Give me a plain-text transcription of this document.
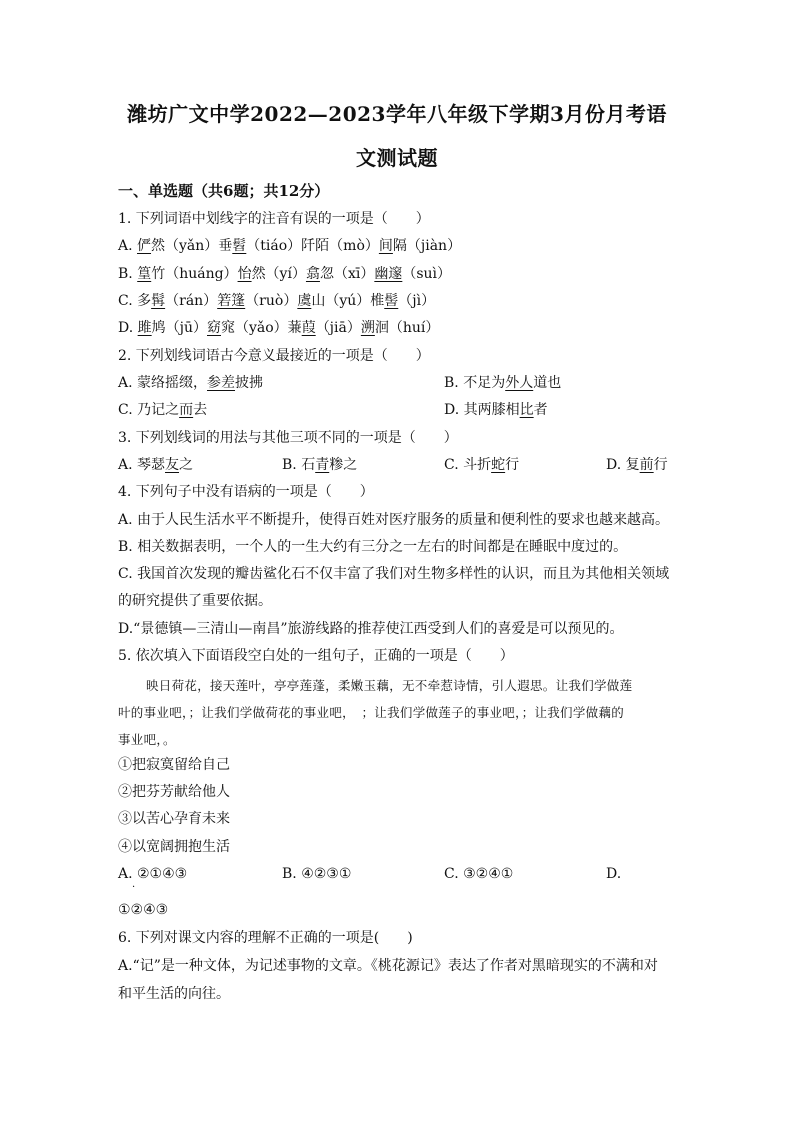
潍坊广文中学2022—2023学年八年级下学期3月份月考语
文测试题
一、单选题（共6题；共12分）
1. 下列词语中划线字的注音有误的一项是（　　）
A. 俨然（yǎn）垂髫（tiáo）阡陌（mò）间隔（jiàn）
B. 篁竹（huáng）怡然（yí）翕忽（xī）幽邃（suì）
C. 多髯（rán）箬篷（ruò）虞山（yú）椎髻（jì）
D. 雎鸠（jū）窈窕（yǎo）蒹葭（jiā）溯洄（huí）
2. 下列划线词语古今意义最接近的一项是（　　）
A. 蒙络摇缀，参差披拂	B. 不足为外人道也
C. 乃记之而去	D. 其两膝相比者
3. 下列划线词的用法与其他三项不同的一项是（　　）
A. 琴瑟友之	B. 石青糁之	C. 斗折蛇行	D. 复前行
4. 下列句子中没有语病的一项是（　　）
A. 由于人民生活水平不断提升，使得百姓对医疗服务的质量和便利性的要求也越来越高。
B. 相关数据表明，一个人的一生大约有三分之一左右的时间都是在睡眠中度过的。
C. 我国首次发现的瓣齿鲨化石不仅丰富了我们对生物多样性的认识，而且为其他相关领域
的研究提供了重要依据。
D.“景德镇—三清山—南昌”旅游线路的推荐使江西受到人们的喜爱是可以预见的。
5. 依次填入下面语段空白处的一组句子，正确的一项是（　　）
映日荷花，接天莲叶，亭亭莲蓬，柔嫩玉藕，无不牵惹诗情，引人遐思。让我们学做莲
叶的事业吧，；让我们学做荷花的事业吧，　；让我们学做莲子的事业吧，；让我们学做藕的
事业吧，。
①把寂寞留给自己
②把芬芳献给他人
③以苦心孕育未来
④以宽阔拥抱生活
A. ②①④③	B. ④②③①	C. ③②④①	D.
·
①②④③
6. 下列对课文内容的理解不正确的一项是(　　)
A.“记”是一种文体，为记述事物的文章。《桃花源记》表达了作者对黑暗现实的不满和对
和平生活的向往。
